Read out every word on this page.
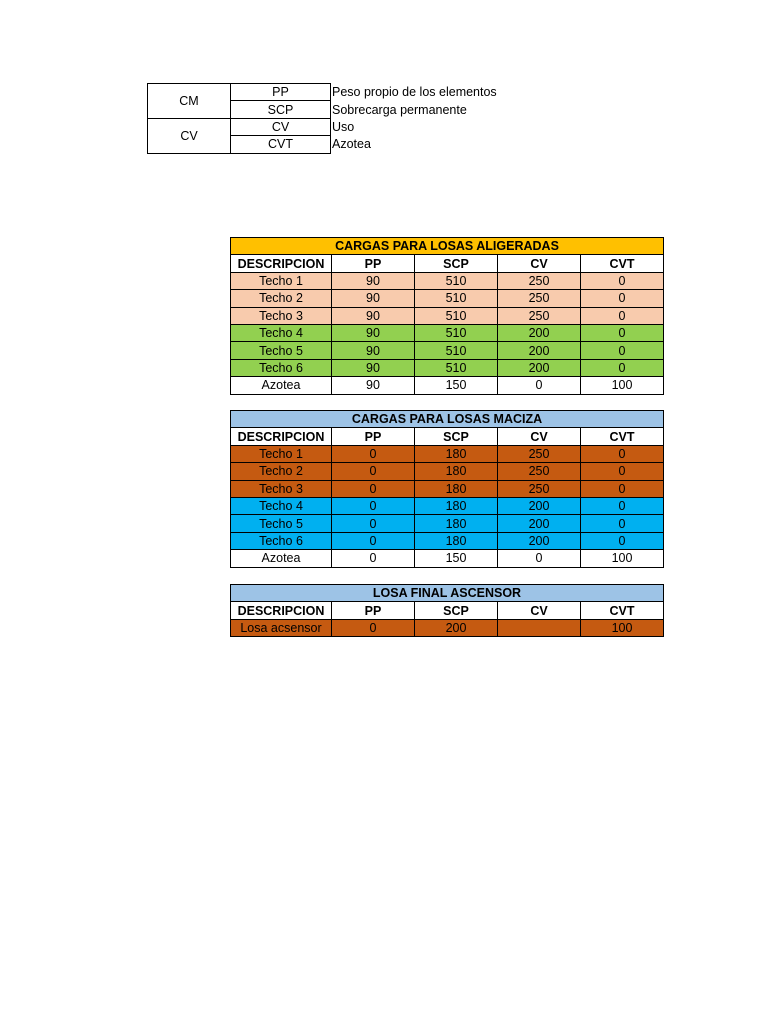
CM	PP	Peso propio de los elementos
	SCP	Sobrecarga permanente
CV	CV	Uso
	CVT	Azotea
CARGAS PARA LOSAS ALIGERADAS				
DESCRIPCION	PP	SCP	CV	CVT
Techo 1	90	510	250	0
Techo 2	90	510	250	0
Techo 3	90	510	250	0
Techo 4	90	510	200	0
Techo 5	90	510	200	0
Techo 6	90	510	200	0
Azotea	90	150	0	100
CARGAS PARA LOSAS MACIZA				
DESCRIPCION	PP	SCP	CV	CVT
Techo 1	0	180	250	0
Techo 2	0	180	250	0
Techo 3	0	180	250	0
Techo 4	0	180	200	0
Techo 5	0	180	200	0
Techo 6	0	180	200	0
Azotea	0	150	0	100
LOSA FINAL ASCENSOR				
DESCRIPCION	PP	SCP	CV	CVT
Losa acsensor	0	200		100
